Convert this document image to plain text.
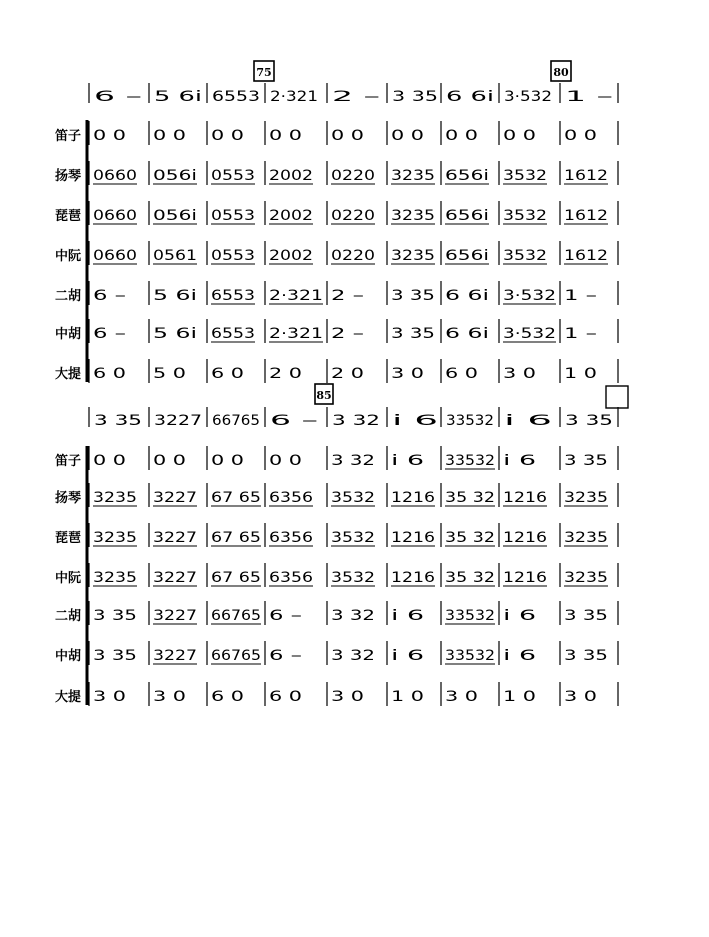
75	80
6 – 5 6i 6553 2·321 2 – 3 35 6 6i 3·532 1 –
笛子 0 0 0 0 0 0 0 0 0 0 0 0 0 0 0 0 0 0
扬琴 0660 056i 0553 2002 0220 3235 656i 3532 1612
琵琶 0660 056i 0553 2002 0220 3235 656i 3532 1612
中阮 0660 0561 0553 2002 0220 3235 656i 3532 1612
二胡 6 – 5 6i 6553 2·321 2 – 3 35 6 6i 3·532 1 –
中胡 6 – 5 6i 6553 2·321 2 – 3 35 6 6i 3·532 1 –
大提 6 0 5 0 6 0 2 0 2 0 3 0 6 0 3 0 1 0
85
3 35 3227 66765 6 – 3 32 i 6 33532 i 6 3 35
笛子 0 0 0 0 0 0 0 0 3 32 i 6 33532 i 6 3 35
扬琴 3235 3227 67 65 6356 3532 1216 35 32 1216 3235
琵琶 3235 3227 67 65 6356 3532 1216 35 32 1216 3235
中阮 3235 3227 67 65 6356 3532 1216 35 32 1216 3235
二胡 3 35 3227 66765 6 – 3 32 i 6 33532 i 6 3 35
中胡 3 35 3227 66765 6 – 3 32 i 6 33532 i 6 3 35
大提 3 0 3 0 6 0 6 0 3 0 1 0 3 0 1 0 3 0
